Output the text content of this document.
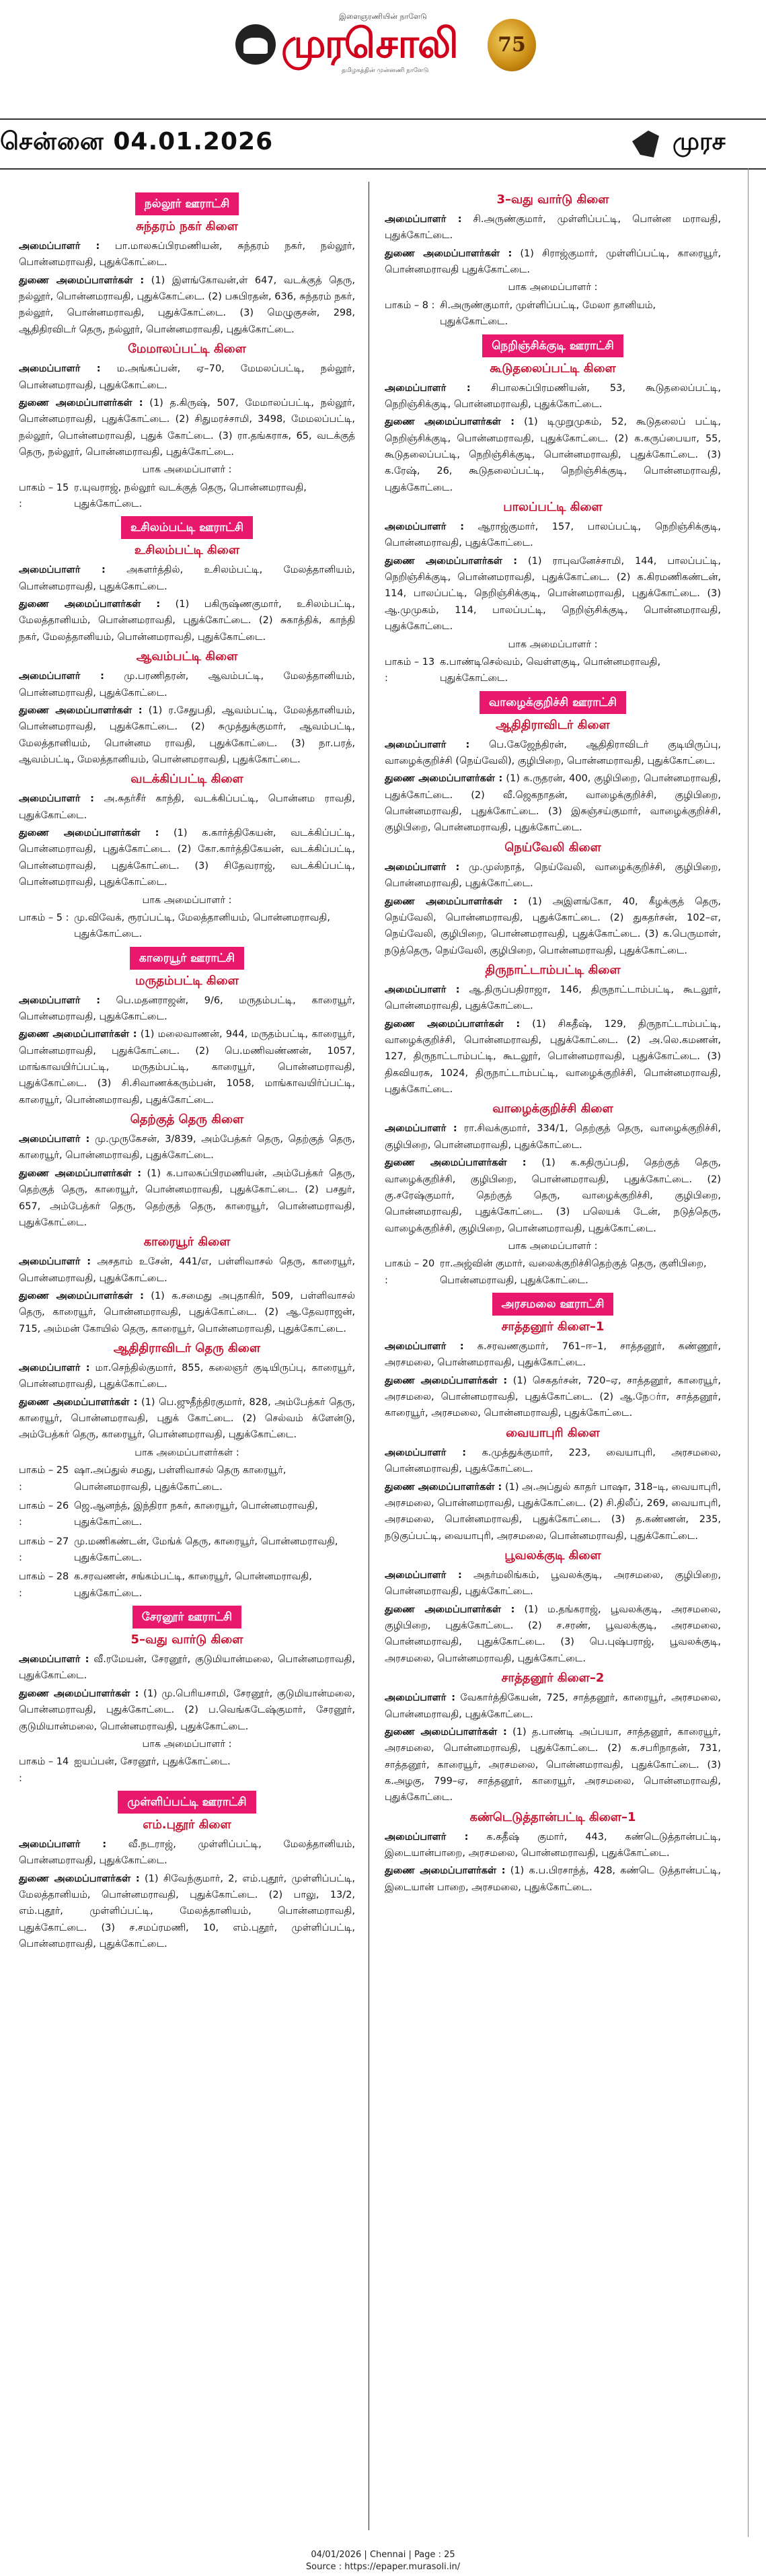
இளைஞரணியின் நாளேடு
முரசொலி
தமிழகத்தின் முன்னணி நாளேடு
75
சென்னை 04.01.2026	முரச
நல்லூர் ஊராட்சி
சுந்தரம் நகர் கிளை

அமைப்பாளர் : பா.மாலசுப்பிரமணியன், சுந்தரம் நகர், நல்லூர், பொன்னமராவதி, புதுக்கோட்டை.

துணை அமைப்பாளர்கள் : (1) இளங்கோவன்,ள் 647, வடக்குத் தெரு, நல்லூர், பொன்னமராவதி, புதுக்கோட்டை. (2) பசுபிரதன், 636, சுந்தரம் நகர், நல்லூர், பொன்னமராவதி, புதுக்கோட்டை. (3) மெழுகுசன், 298, ஆதிதிரவிடர் தெரு, நல்லூர், பொன்னமராவதி, புதுக்கோட்டை.

மேமாலப்பட்டி கிளை

அமைப்பாளர் : ம.அங்கப்பன், ஏ–70, மேமலப்பட்டி, நல்லூர், பொன்னமராவதி, புதுக்கோட்டை.

துணை அமைப்பாளர்கள் : (1) த.கிருஷ், 507, மேமாலப்பட்டி, நல்லூர், பொன்னமராவதி, புதுக்கோட்டை. (2) சிதுமரச்சாமி, 3498, மேமலப்பட்டி, நல்லூர், பொன்னமராவதி, புதுக் கோட்டை. (3) ரா.தங்கராசு, 65, வடக்குத் தெரு, நல்லூர், பொன்னமராவதி, புதுக்கோட்டை.

பாக அமைப்பாளர் :
பாகம் – 15 :
ர.யுவராஜ், நல்லூர் வடக்குத் தெரு, பொன்னமராவதி, புதுக்கோட்டை.
உசிலம்பட்டி ஊராட்சி
உசிலம்பட்டி கிளை

அமைப்பாளர் : அகளர்த்தில், உசிலம்பட்டி, மேலத்தானியம், பொன்னமராவதி, புதுக்கோட்டை.

துணை அமைப்பாளர்கள் : (1) பகிருஷ்ணகுமார், உசிலம்பட்டி, மேலத்தானியம், பொன்னமராவதி, புதுக்கோட்டை. (2) சுகாத்திக், காந்தி நகர், மேலத்தானியம், பொன்னமராவதி, புதுக்கோட்டை.

ஆவம்பட்டி கிளை

அமைப்பாளர் : மு.பரணிதரன், ஆவம்பட்டி, மேலத்தானியம், பொன்னமராவதி, புதுக்கோட்டை.

துணை அமைப்பாளர்கள் : (1) ர.சேதுபதி, ஆவம்பட்டி, மேலத்தானியம், பொன்னமராவதி, புதுக்கோட்டை. (2) சுமுத்துக்குமார், ஆவம்பட்டி, மேலத்தானியம், பொன்னம ராவதி, புதுக்கோட்டை. (3) நா.பரத், ஆவம்பட்டி, மேலத்தானியம், பொன்னமராவதி, புதுக்கோட்டை.

வடக்கிப்பட்டி கிளை

அமைப்பாளர் : அ.சுதர்சீர் காந்தி, வடக்கிப்பட்டி, பொன்னம ராவதி, புதுக்கோட்டை.

துணை அமைப்பாளர்கள் : (1) க.கார்த்திகேயன், வடக்கிப்பட்டி, பொன்னமராவதி, புதுக்கோட்டை. (2) கோ.கார்த்திகேயன், வடக்கிப்பட்டி, பொன்னமராவதி, புதுக்கோட்டை. (3) சிதேவராஜ், வடக்கிப்பட்டி, பொன்னமராவதி, புதுக்கோட்டை.

பாக அமைப்பாளர் :
பாகம் – 5 : மு.விவேக், ரூரப்பட்டி, மேலத்தானியம், பொன்னமராவதி, புதுக்கோட்டை.
காரையூர் ஊராட்சி
மருதம்பட்டி கிளை

அமைப்பாளர் : பெ.மதனராஜன், 9/6, மருதம்பட்டி, காரையூர், பொன்னமராவதி, புதுக்கோட்டை.

துணை அமைப்பாளர்கள் : (1) மலைவாணன், 944, மருதம்பட்டி, காரையூர், பொன்னமராவதி, புதுக்கோட்டை. (2) பெ.மணிவண்ணன், 1057, மாங்காவயிர்ப்பட்டி, மருதம்பட்டி, காரையூர், பொன்னமராவதி, புதுக்கோட்டை. (3) சி.சிவாணக்கரும்பன், 1058, மாங்காவயிர்ப்பட்டி, காரையூர், பொன்னமராவதி, புதுக்கோட்டை.

தெற்குத் தெரு கிளை

அமைப்பாளர் : மு.முருகேசன், 3/839, அம்பேத்கர் தெரு, தெற்குத் தெரு, காரையூர், பொன்னமராவதி, புதுக்கோட்டை.

துணை அமைப்பாளர்கள் : (1) க.பாலசுப்பிரமணியன், அம்பேத்கர் தெரு, தெற்குத் தெரு, காரையூர், பொன்னமராவதி, புதுக்கோட்டை. (2) பசதுர், 657, அம்பேத்கர் தெரு, தெற்குத் தெரு, காரையூர், பொன்னமராவதி, புதுக்கோட்டை.

காரையூர் கிளை

அமைப்பாளர் : அசதாம் உசேன், 441/எ, பள்ளிவாசல் தெரு, காரையூர், பொன்னமராவதி, புதுக்கோட்டை.

துணை அமைப்பாளர்கள் : (1) க.சமைது அபுதாகிர், 509, பள்ளிவாசல் தெரு, காரையூர், பொன்னமராவதி, புதுக்கோட்டை. (2) ஆ.தேவராஜன், 715, அம்மன் கோயில் தெரு, காரையூர், பொன்னமராவதி, புதுக்கோட்டை.

ஆதிதிராவிடர் தெரு கிளை

அமைப்பாளர் : மா.செந்தில்குமார், 855, கலைஞர் குடியிருப்பு, காரையூர், பொன்னமராவதி, புதுக்கோட்டை.

துணை அமைப்பாளர்கள் : (1) பெ.ஜுதீந்திரகுமார், 828, அம்பேத்கர் தெரு, காரையூர், பொன்னமராவதி, புதுக் கோட்டை. (2) செல்வம் க்ளேன்டு, அம்பேத்கர் தெரு, காரையூர், பொன்னமராவதி, புதுக்கோட்டை.

பாக அமைப்பாளர்கள் :
பாகம் – 25 :
ஷா.அப்துல் சமது, பள்ளிவாசல் தெரு காரையூர், பொன்னமராவதி, புதுக்கோட்டை.
பாகம் – 26 :
ஜெ.ஆனந்த், இந்திரா நகர், காரையூர், பொன்னமராவதி, புதுக்கோட்டை.
பாகம் – 27 :
மு.மணிகண்டன், மேங்க் தெரு, காரையூர், பொன்னமராவதி, புதுக்கோட்டை.
பாகம் – 28 :
க.சரவணன், சங்கம்பட்டி, காரையூர், பொன்னமராவதி, புதுக்கோட்டை.
சேரனூர் ஊராட்சி
5–வது வார்டு கிளை

அமைப்பாளர் : வீ.ரமேயன், சேரனூர், குடுமியான்மலை, பொன்னமராவதி, புதுக்கோட்டை.

துணை அமைப்பாளர்கள் : (1) மு.பெரியசாமி, சேரனூர், குடுமியான்மலை, பொன்னமராவதி, புதுக்கோட்டை. (2) ப.வெங்கடேஷ்குமார், சேரனூர், குடுமியான்மலை, பொன்னமராவதி, புதுக்கோட்டை.

பாக அமைப்பாளர் :
பாகம் – 14 :
ஐயப்பன், சேரனூர், புதுக்கோட்டை.
முள்ளிப்பட்டி ஊராட்சி
எம்.புதூர் கிளை

அமைப்பாளர் : வீ.நடராஜ், முள்ளிப்பட்டி, மேலத்தானியம், பொன்னமராவதி, புதுக்கோட்டை.

துணை அமைப்பாளர்கள் : (1) சிவேந்குமார், 2, எம்.புதூர், முள்ளிப்பட்டி, மேலத்தானியம், பொன்னமராவதி, புதுக்கோட்டை. (2) பாலு, 13/2, எம்.புதூர், முள்ளிப்பட்டி, மேலத்தானியம், பொன்னமராவதி, புதுக்கோட்டை. (3) ச.சமப்ரமணி, 10, எம்.புதூர், முள்ளிப்பட்டி, பொன்னமராவதி, புதுக்கோட்டை.

3–வது வார்டு கிளை

அமைப்பாளர் : சி.அருண்குமார், முள்ளிப்பட்டி, பொன்ன மராவதி, புதுக்கோட்டை.

துணை அமைப்பாளர்கள் : (1) சிராஜ்குமார், முள்ளிப்பட்டி, காரையூர், பொன்னமராவதி புதுக்கோட்டை.

பாக அமைப்பாளர் :
பாகம் – 8 : சி.அருண்குமார், முள்ளிப்பட்டி, மேலா தானியம், புதுக்கோட்டை.
நெறிஞ்சிக்குடி ஊராட்சி
கூடுதலைப்பட்டி கிளை

அமைப்பாளர் : சிபாலசுப்பிரமணியன், 53, கூடுதலைப்பட்டி, நெறிஞ்சிக்குடி, பொன்னமராவதி, புதுக்கோட்டை.

துணை அமைப்பாளர்கள் : (1) டிமுறுமுகம், 52, கூடுதலைப் பட்டி, நெறிஞ்சிக்குடி, பொன்னமராவதி, புதுக்கோட்டை. (2) க.கருப்பையா, 55, கூடுதலைப்பட்டி, நெறிஞ்சிக்குடி, பொன்னமராவதி, புதுக்கோட்டை. (3) க.ரேஷ், 26, கூடுதலைப்பட்டி, நெறிஞ்சிக்குடி, பொன்னமராவதி, புதுக்கோட்டை.

பாலப்பட்டி கிளை

அமைப்பாளர் : ஆராஜ்குமார், 157, பாலப்பட்டி, நெறிஞ்சிக்குடி, பொன்னமராவதி, புதுக்கோட்டை.

துணை அமைப்பாளர்கள் : (1) ராபுவனேச்சாமி, 144, பாலப்பட்டி, நெறிஞ்சிக்குடி, பொன்னமராவதி, புதுக்கோட்டை. (2) க.கிரமணிகண்டன், 114, பாலப்பட்டி, நெறிஞ்சிக்குடி, பொன்னமராவதி, புதுக்கோட்டை. (3) ஆ.முமுகம், 114, பாலப்பட்டி, நெறிஞ்சிக்குடி, பொன்னமராவதி, புதுக்கோட்டை.

பாக அமைப்பாளர் :
பாகம் – 13 :
க.பாண்டிசெல்வம், வெள்ளகுடி, பொன்னமராவதி, புதுக்கோட்டை.
வாழைக்குறிச்சி ஊராட்சி
ஆதிதிராவிடர் கிளை

அமைப்பாளர் : பெ.கேஜேந்திரன், ஆதிதிராவிடர் குடியிருப்பு, வாழைக்குறிச்சி (நெய்வேலி), குழிபிறை, பொன்னமராவதி, புதுக்கோட்டை.

துணை அமைப்பாளர்கள் : (1) க.ருதரன், 400, குழிபிறை, பொன்னமராவதி, புதுக்கோட்டை. (2) வீ.ஜெகநாதன், வாழைக்குறிச்சி, குழிபிறை, பொன்னமராவதி, புதுக்கோட்டை. (3) இசுஞ்சய்குமார், வாழைக்குறிச்சி, குழிபிறை, பொன்னமராவதி, புதுக்கோட்டை.

நெய்வேலி கிளை

அமைப்பாளர் : மு.முஸ்நாத், நெய்வேலி, வாழைக்குறிச்சி, குழிபிறை, பொன்னமராவதி, புதுக்கோட்டை.

துணை அமைப்பாளர்கள் : (1) அஇளங்கோ, 40, கீழக்குத் தெரு, நெய்வேலி, பொன்னமராவதி, புதுக்கோட்டை. (2) துகதர்சன், 102–எ, நெய்வேலி, குழிபிறை, பொன்னமராவதி, புதுக்கோட்டை. (3) க.பெருமாள், நடுத்தெரு, நெய்வேலி, குழிபிறை, பொன்னமராவதி, புதுக்கோட்டை.

திருநாட்டாம்பட்டி கிளை

அமைப்பாளர் : ஆ.திருப்பதிராஜா, 146, திருநாட்டாம்பட்டி, கூடலூர், பொன்னமராவதி, புதுக்கோட்டை.

துணை அமைப்பாளர்கள் : (1) சிகதீஷ், 129, திருநாட்டாம்பட்டி, வாழைக்குறிச்சி, பொன்னமராவதி, புதுக்கோட்டை. (2) அ.லெ.கமணன், 127, திருநாட்டாம்பட்டி, கூடலூர், பொன்னமராவதி, புதுக்கோட்டை. (3) திகவியரசு, 1024, திருநாட்டாம்பட்டி, வாழைக்குறிச்சி, பொன்னமராவதி, புதுக்கோட்டை.

வாழைக்குறிச்சி கிளை

அமைப்பாளர் : ரா.சிவக்குமார், 334/1, தெற்குத் தெரு, வாழைக்குறிச்சி, குழிபிறை, பொன்னமராவதி, புதுக்கோட்டை.

துணை அமைப்பாளர்கள் : (1) க.கதிருப்பதி, தெற்குத் தெரு, வாழைக்குறிச்சி, குழிபிறை, பொன்னமராவதி, புதுக்கோட்டை. (2) கு.சரேஷ்குமார், தெற்குத் தெரு, வாழைக்குறிச்சி, குழிபிறை, பொன்னமராவதி, புதுக்கோட்டை. (3) பலெயக் டேன், நடுத்தெரு, வாழைக்குறிச்சி, குழிபிறை, பொன்னமராவதி, புதுக்கோட்டை.

பாக அமைப்பாளர் :
பாகம் – 20 :
ரா.அஜ்வின் குமார், வலைக்குறிச்சிதெற்குத் தெரு, குளிபிறை, பொன்னமராவதி, புதுக்கோட்டை.
அரசமலை ஊராட்சி
சாத்தனூர் கிளை–1

அமைப்பாளர் : க.சரவணகுமார், 761–ஈ–1, சாத்தனூர், கண்ணூர், அரசமலை, பொன்னமராவதி, புதுக்கோட்டை.

துணை அமைப்பாளர்கள் : (1) செகதர்சன், 720–ஏ, சாத்தனூர், காரையூர், அரசமலை, பொன்னமராவதி, புதுக்கோட்டை. (2) ஆ.நேர்ா, சாத்தனூர், காரையூர், அரசமலை, பொன்னமராவதி, புதுக்கோட்டை.

வையாபுரி கிளை

அமைப்பாளர் : க.முத்துக்குமார், 223, வையாபுரி, அரசமலை, பொன்னமராவதி, புதுக்கோட்டை.

துணை அமைப்பாளர்கள் : (1) அ.அப்துல் காதர் பாஷா, 318–டி, வையாபுரி, அரசமலை, பொன்னமராவதி, புதுக்கோட்டை. (2) சி.திலீப், 269, வையாபுரி, அரசமலை, பொன்னமராவதி, புதுக்கோட்டை. (3) த.கண்ணன், 235, நடுகுப்பட்டி, வையாபுரி, அரசமலை, பொன்னமராவதி, புதுக்கோட்டை.

பூவலக்குடி கிளை

அமைப்பாளர் : அதர்மலிங்கம், பூவலக்குடி, அரசமலை, குழிபிறை, பொன்னமராவதி, புதுக்கோட்டை.

துணை அமைப்பாளர்கள் : (1) ம.தங்கராஜ், பூவலக்குடி, அரசமலை, குழிபிறை, புதுக்கோட்டை. (2) ச.சரண், பூவலக்குடி, அரசமலை, பொன்னமராவதி, புதுக்கோட்டை. (3) பெ.புஷ்பராஜ், பூவலக்குடி, அரசமலை, பொன்னமராவதி, புதுக்கோட்டை.

சாத்தனூர் கிளை–2

அமைப்பாளர் : வேகார்த்திகேயன், 725, சாத்தனூர், காரையூர், அரசமலை, பொன்னமராவதி, புதுக்கோட்டை.

துணை அமைப்பாளர்கள் : (1) த.பாண்டி அப்பயா, சாத்தனூர், காரையூர், அரசமலை, பொன்னமராவதி, புதுக்கோட்டை. (2) க.சபரிநாதன், 731, சாத்தனூர், காரையூர், அரசமலை, பொன்னமராவதி, புதுக்கோட்டை. (3) க.அழகு, 799–ஏ, சாத்தனூர், காரையூர், அரசமலை, பொன்னமராவதி, புதுக்கோட்டை.

கண்டெடுத்தான்பட்டி கிளை–1

அமைப்பாளர் : க.கதீஷ் குமார், 443, கண்டெடுத்தான்பட்டி, இடையான்பாறை, அரசமலை, பொன்னமராவதி, புதுக்கோட்டை.

துணை அமைப்பாளர்கள் : (1) க.ப.பிரசாந்த், 428, கண்டெ டுத்தான்பட்டி, இடையான் பாறை, அரசமலை, புதுக்கோட்டை.

04/01/2026 | Chennai | Page : 25
Source : https://epaper.murasoli.in/
